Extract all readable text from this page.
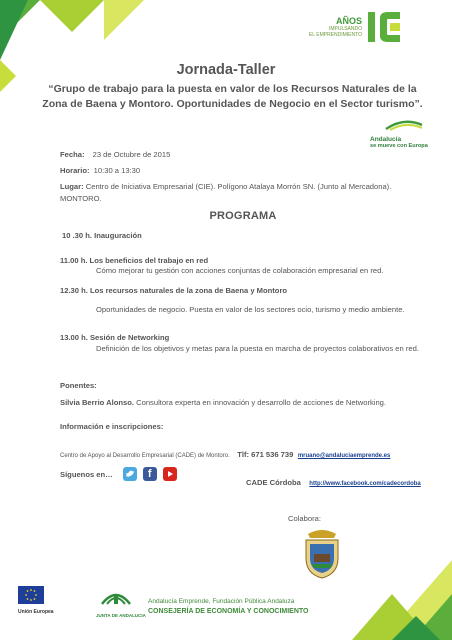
AÑOS
IMPULSANDO
EL EMPRENDIMIENTO
Jornada-Taller
“Grupo de trabajo para la puesta en valor de los Recursos Naturales de la Zona de Baena y Montoro. Oportunidades de Negocio en el Sector turismo”.
Andalucía
se mueve con Europa
Fecha: 23 de Octubre de 2015
Horario: 10:30 a 13:30
Lugar: Centro de Iniciativa Empresarial (CIE). Polígono Atalaya Morrón SN. (Junto al Mercadona). MONTORO.
PROGRAMA
10 .30 h. Inauguración
11.00 h. Los beneficios del trabajo en red
Cómo mejorar tu gestión con acciones conjuntas de colaboración empresarial en red.
12.30 h. Los recursos naturales de la zona de Baena y Montoro
Oportunidades de negocio. Puesta en valor de los sectores ocio, turismo y medio ambiente.
13.00 h. Sesión de Networking
Definición de los objetivos y metas para la puesta en marcha de proyectos colaborativos en red.
Ponentes:
Silvia Berrio Alonso. Consultora experta en innovación y desarrollo de acciones de Networking.
Información e inscripciones:
Centro de Apoyo al Desarrollo Empresarial (CADE) de Montoro. Tlf: 671 536 739 mruano@andaluciaemprende.es
Síguenos en…	f
CADE Córdoba http://www.facebook.com/cadecordoba
Colabora:
Unión Europea
JUNTA DE ANDALUCIA
Andalucía Emprende, Fundación Pública Andaluza
CONSEJERÍA DE ECONOMÍA Y CONOCIMIENTO
